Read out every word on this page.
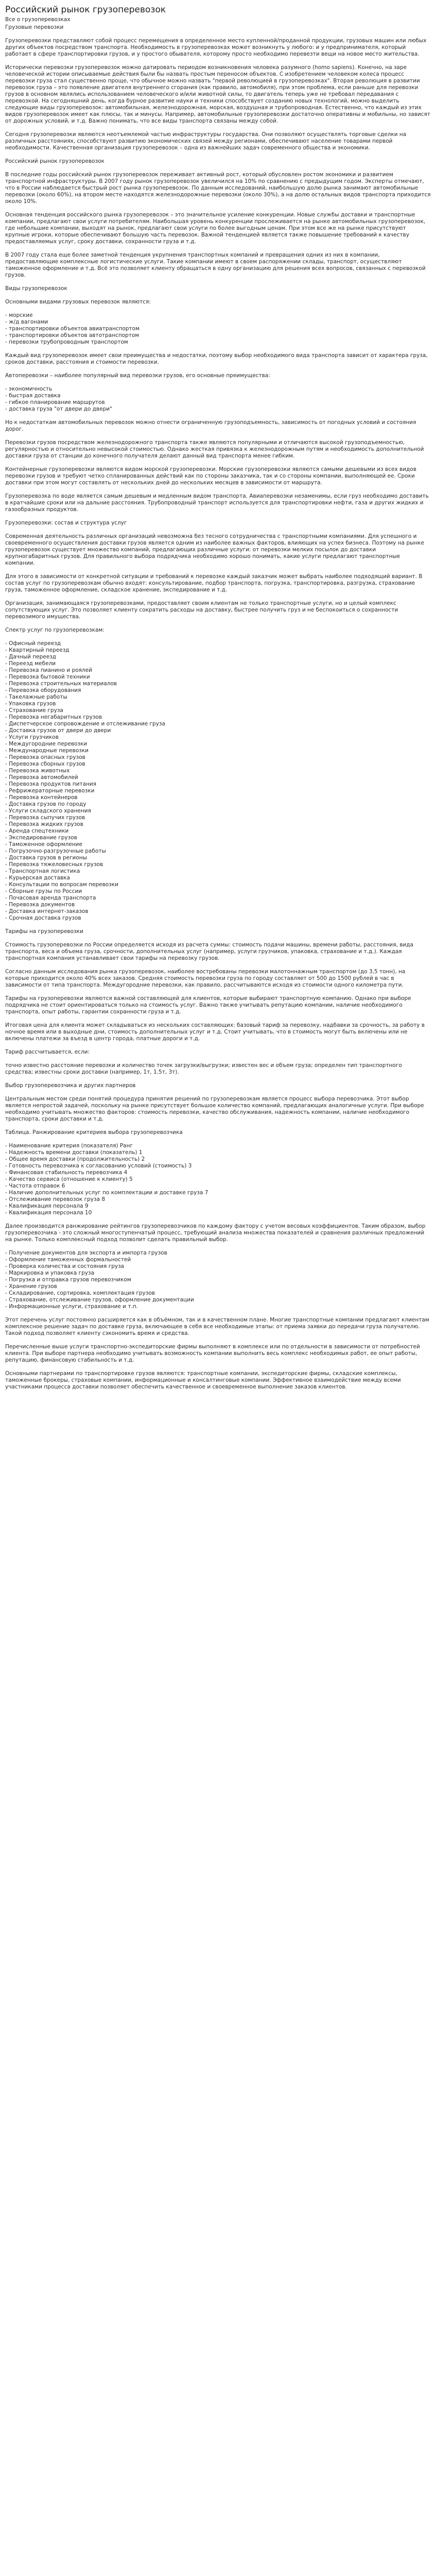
Российский рынок грузоперевозок
Все о грузоперевозках
Грузовые перевозки
Грузоперевозки представляют собой процесс перемещения в определенное место купленной/проданной продукции, грузовых машин или любых других объектов посредством транспорта. Необходимость в грузоперевозках может возникнуть у любого: и у предпринимателя, который работает в сфере транспортировки грузов, и у простого обывателя, которому просто необходимо перевезти вещи на новое место жительства.
Исторически перевозки грузоперевозок можно датировать периодом возникновения человека разумного (homo sapiens). Конечно, на заре человеческой истории описываемые действия были бы назвать простым переносом объектов. С изобретением человеком колеса процесс перевозки груза стал существенно проще, что обычное можно назвать "первой революцией в грузоперевозках". Вторая революция в развитии перевозок груза – это появление двигателя внутреннего сгорания (как правило, автомобиля), при этом проблема, если раньше для перевозки грузов в основном являлись использованием человеческого и/или животной силы, то двигатель теперь уже не требовал передавания с перевозкой. На сегодняшний день, когда бурное развитие науки и техники способствует созданию новых технологий, можно выделить следующие виды грузоперевозок: автомобильная, железнодорожная, морская, воздушная и трубопроводная. Естественно, что каждый из этих видов грузоперевозок имеет как плюсы, так и минусы. Например, автомобильные грузоперевозки достаточно оперативны и мобильны, но зависят от дорожных условий, и т.д. Важно понимать, что все виды транспорта связаны между собой.
Сегодня грузоперевозки являются неотъемлемой частью инфраструктуры государства. Они позволяют осуществлять торговые сделки на различных расстояниях, способствуют развитию экономических связей между регионами, обеспечивают население товарами первой необходимости. Качественная организация грузоперевозок – одна из важнейших задач современного общества и экономики.
Российский рынок грузоперевозок
В последние годы российский рынок грузоперевозок переживает активный рост, который обусловлен ростом экономики и развитием транспортной инфраструктуры. В 2007 году рынок грузоперевозок увеличился на 10% по сравнению с предыдущим годом. Эксперты отмечают, что в России наблюдается быстрый рост рынка грузоперевозок. По данным исследований, наибольшую долю рынка занимают автомобильные перевозки (около 60%), на втором месте находятся железнодорожные перевозки (около 30%), а на долю остальных видов транспорта приходится около 10%.
Основная тенденция российского рынка грузоперевозок – это значительное усиление конкуренции. Новые службы доставки и транспортные компании, предлагают свои услуги потребителям. Наибольшая уровень конкуренции прослеживается на рынке автомобильных грузоперевозок, где небольшие компании, выходят на рынок, предлагают свои услуги по более выгодным ценам. При этом все же на рынке присутствуют крупные игроки, которые обеспечивают большую часть перевозок. Важной тенденцией является также повышение требований к качеству предоставляемых услуг, сроку доставки, сохранности груза и т.д.
В 2007 году стала еще более заметной тенденция укрупнения транспортных компаний и превращения одних из них в компании, предоставляющие комплексные логистические услуги. Такие компании имеют в своем распоряжении склады, транспорт, осуществляют таможенное оформление и т.д. Всё это позволяет клиенту обращаться в одну организацию для решения всех вопросов, связанных с перевозкой грузов.
Виды грузоперевозок
Основными видами грузовых перевозок являются:
- морские
- ж/д вагонами
- транспортировки объектов авиатранспортом
- транспортировки объектов автотранспортом
- перевозки трубопроводным транспортом
Каждый вид грузоперевозок имеет свои преимущества и недостатки, поэтому выбор необходимого вида транспорта зависит от характера груза, сроков доставки, расстояния и стоимости перевозки.
Автоперевозки – наиболее популярный вид перевозки грузов, его основные преимущества:
- экономичность
- быстрая доставка
- гибкое планирование маршрутов
- доставка груза "от двери до двери"
Но к недостаткам автомобильных перевозок можно отнести ограниченную грузоподъемность, зависимость от погодных условий и состояния дорог.
Перевозки грузов посредством железнодорожного транспорта также являются популярными и отличаются высокой грузоподъемностью, регулярностью и относительно невысокой стоимостью. Однако жесткая привязка к железнодорожным путям и необходимость дополнительной доставки груза от станции до конечного получателя делают данный вид транспорта менее гибким.
Контейнерные грузоперевозки являются видом морской грузоперевозки. Морские грузоперевозки являются самыми дешевыми из всех видов перевозки грузов и требуют четко спланированных действий как по стороны заказчика, так и со стороны компании, выполняющей ее. Сроки доставки при этом могут составлять от нескольких дней до нескольких месяцев в зависимости от маршрута.
Грузоперевозка по воде является самым дешевым и медленным видом транспорта. Авиаперевозки незаменимы, если груз необходимо доставить в кратчайшие сроки или на дальние расстояния. Трубопроводный транспорт используется для транспортировки нефти, газа и других жидких и газообразных продуктов.
Грузоперевозки: состав и структура услуг
Современная деятельность различных организаций невозможна без тесного сотрудничества с транспортными компаниями. Для успешного и своевременного осуществления доставки грузов является одним из наиболее важных факторов, влияющих на успех бизнеса. Поэтому на рынке грузоперевозок существует множество компаний, предлагающих различные услуги: от перевозки мелких посылок до доставки крупногабаритных грузов. Для правильного выбора подрядчика необходимо хорошо понимать, какие услуги предлагают транспортные компании.
Для этого в зависимости от конкретной ситуации и требований к перевозке каждый заказчик может выбрать наиболее подходящий вариант. В состав услуг по грузоперевозкам обычно входят: консультирование, подбор транспорта, погрузка, транспортировка, разгрузка, страхование груза, таможенное оформление, складское хранение, экспедирование и т.д.
Организация, занимающаяся грузоперевозками, предоставляет своим клиентам не только транспортные услуги, но и целый комплекс сопутствующих услуг. Это позволяет клиенту сократить расходы на доставку, быстрее получить груз и не беспокоиться о сохранности перевозимого имущества.
Спектр услуг по грузоперевозкам:
- Офисный переезд
- Квартирный переезд
- Дачный переезд
- Переезд мебели
- Перевозка пианино и роялей
- Перевозка бытовой техники
- Перевозка строительных материалов
- Перевозка оборудования
- Такелажные работы
- Упаковка грузов
- Страхование груза
- Перевозка негабаритных грузов
- Диспетчерское сопровождение и отслеживание груза
- Доставка грузов от двери до двери
- Услуги грузчиков
- Междугородние перевозки
- Международные перевозки
- Перевозка опасных грузов
- Перевозка сборных грузов
- Перевозка животных
- Перевозка автомобилей
- Перевозка продуктов питания
- Рефрижераторные перевозки
- Перевозка контейнеров
- Доставка грузов по городу
- Услуги складского хранения
- Перевозка сыпучих грузов
- Перевозка жидких грузов
- Аренда спецтехники
- Экспедирование грузов
- Таможенное оформление
- Погрузочно-разгрузочные работы
- Доставка грузов в регионы
- Перевозка тяжеловесных грузов
- Транспортная логистика
- Курьерская доставка
- Консультации по вопросам перевозки
- Сборные грузы по России
- Почасовая аренда транспорта
- Перевозка документов
- Доставка интернет-заказов
- Срочная доставка грузов
Тарифы на грузоперевозки
Стоимость грузоперевозки по России определяется исходя из расчета суммы: стоимость подачи машины, времени работы, расстояния, вида транспорта, веса и объема груза, срочности, дополнительных услуг (например, услуги грузчиков, упаковка, страхование и т.д.). Каждая транспортная компания устанавливает свои тарифы на перевозку грузов.
Согласно данным исследования рынка грузоперевозок, наиболее востребованы перевозки малотоннажным транспортом (до 3,5 тонн), на которые приходится около 40% всех заказов. Средняя стоимость перевозки груза по городу составляет от 500 до 1500 рублей в час в зависимости от типа транспорта. Междугородние перевозки, как правило, рассчитываются исходя из стоимости одного километра пути.
Тарифы на грузоперевозки являются важной составляющей для клиентов, которые выбирают транспортную компанию. Однако при выборе подрядчика не стоит ориентироваться только на стоимость услуг. Важно также учитывать репутацию компании, наличие необходимого транспорта, опыт работы, гарантии сохранности груза и т.д.
Итоговая цена для клиента может складываться из нескольких составляющих: базовый тариф за перевозку, надбавки за срочность, за работу в ночное время или в выходные дни, стоимость дополнительных услуг и т.д. Стоит учитывать, что в стоимость могут быть включены или не включены платежи за въезд в центр города, платные дороги и т.д.
Тариф рассчитывается, если:
точно известно расстояние перевозки и количество точек загрузки/выгрузки; известен вес и объем груза; определен тип транспортного средства; известны сроки доставки (например, 1т, 1.5т, 3т).
Выбор грузоперевозчика и других партнеров
Центральным местом среди понятий процедура принятия решений по грузоперевозкам является процесс выбора перевозчика. Этот выбор является непростой задачей, поскольку на рынке присутствует большое количество компаний, предлагающих аналогичные услуги. При выборе необходимо учитывать множество факторов: стоимость перевозки, качество обслуживания, надежность компании, наличие необходимого транспорта, сроки доставки и т.д.
Таблица. Ранжирование критериев выбора грузоперевозчика
- Наименование критерия (показателя) Ранг
- Надежность времени доставки (показатель) 1
- Общее время доставки (продолжительность) 2
- Готовность перевозчика к согласованию условий (стоимость) 3
- Финансовая стабильность перевозчика 4
- Качество сервиса (отношение к клиенту) 5
- Частота отправок 6
- Наличие дополнительных услуг по комплектации и доставке груза 7
- Отслеживание перевозок груза 8
- Квалификация персонала 9
- Квалификация персонала 10
Далее производится ранжирование рейтингов грузоперевозчиков по каждому фактору с учетом весовых коэффициентов. Таким образом, выбор грузоперевозчика - это сложный многоступенчатый процесс, требующий анализа множества показателей и сравнения различных предложений на рынке. Только комплексный подход позволит сделать правильный выбор.
- Получение документов для экспорта и импорта грузов
- Оформление таможенных формальностей
- Проверка количества и состояния груза
- Маркировка и упаковка груза
- Погрузка и отправка грузов перевозчиком
- Хранение грузов
- Складирование, сортировка, комплектация грузов
- Страхование, отслеживание грузов, оформление документации
- Информационные услуги, страхование и т.п.
Этот перечень услуг постоянно расширяется как в объёмном, так и в качественном плане. Многие транспортные компании предлагают клиентам комплексное решение задач по доставке груза, включающее в себя все необходимые этапы: от приема заявки до передачи груза получателю. Такой подход позволяет клиенту сэкономить время и средства.
Перечисленные выше услуги транспортно-экспедиторские фирмы выполняют в комплексе или по отдельности в зависимости от потребностей клиента. При выборе партнера необходимо учитывать возможность компании выполнить весь комплекс необходимых работ, ее опыт работы, репутацию, финансовую стабильность и т.д.
Основными партнерами по транспортировке грузов являются: транспортные компании, экспедиторские фирмы, складские комплексы, таможенные брокеры, страховые компании, информационные и консалтинговые компании. Эффективное взаимодействие между всеми участниками процесса доставки позволяет обеспечить качественное и своевременное выполнение заказов клиентов.
